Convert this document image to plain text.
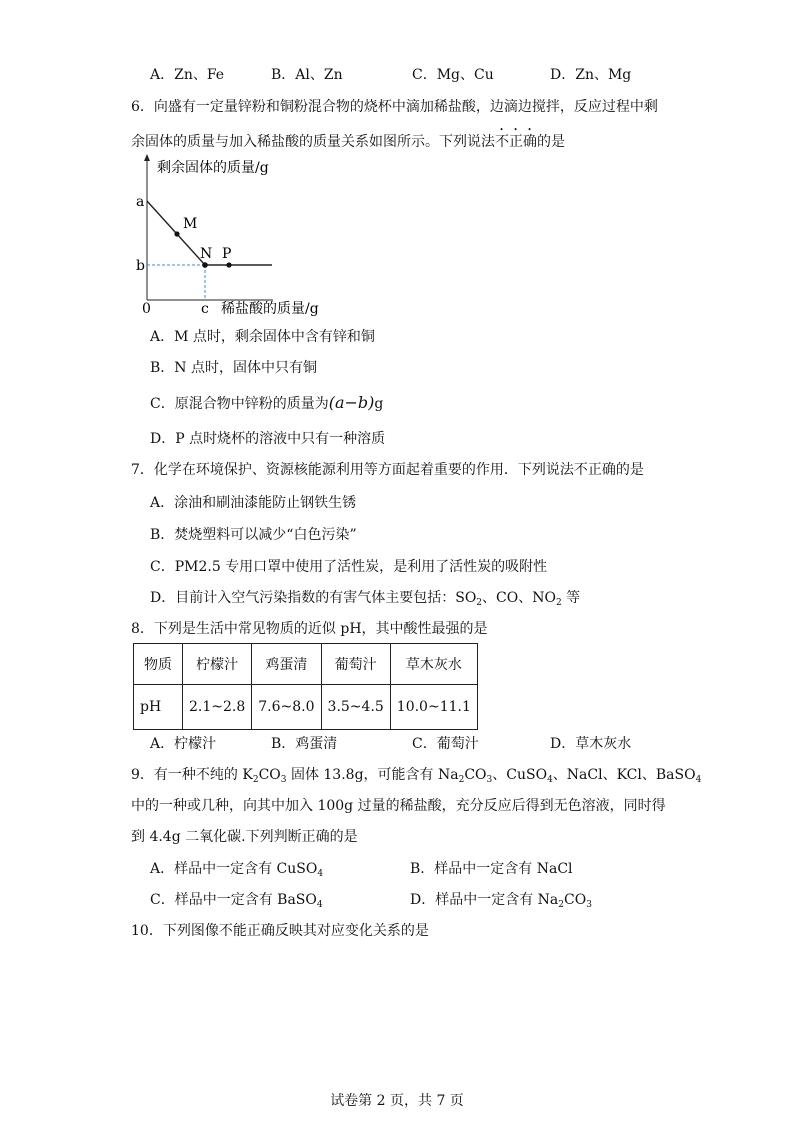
A．Zn、Fe	B．Al、Zn	C．Mg、Cu	D．Zn、Mg
6．向盛有一定量锌粉和铜粉混合物的烧杯中滴加稀盐酸，边滴边搅拌，反应过程中剩
余固体的质量与加入稀盐酸的质量关系如图所示。下列说法不正确的是
剩余固体的质量/g
a
b
0	c 稀盐酸的质量/g
M
N P
A．M 点时，剩余固体中含有锌和铜
B．N 点时，固体中只有铜
C．原混合物中锌粉的质量为(a−b)g
D．P 点时烧杯的溶液中只有一种溶质
7．化学在环境保护、资源核能源利用等方面起着重要的作用．下列说法不正确的是
A．涂油和刷油漆能防止钢铁生锈
B．焚烧塑料可以减少“白色污染”
C．PM2.5 专用口罩中使用了活性炭，是利用了活性炭的吸附性
D．目前计入空气污染指数的有害气体主要包括：$SO_2$、CO、$NO_2$ 等
8．下列是生活中常见物质的近似 pH，其中酸性最强的是
物质	柠檬汁	鸡蛋清	葡萄汁	草木灰水
pH	2.1~2.8	7.6~8.0	3.5~4.5	10.0~11.1
A．柠檬汁	B．鸡蛋清	C．葡萄汁	D．草木灰水
9．有一种不纯的 $K_2CO_3$ 固体 13.8g，可能含有 $Na_2CO_3$、CuSO$_4$、NaCl、KCl、BaSO$_4$
中的一种或几种，向其中加入 100g 过量的稀盐酸，充分反应后得到无色溶液，同时得
到 4.4g 二氧化碳.下列判断正确的是
A．样品中一定含有 CuSO$_4$	B．样品中一定含有 NaCl
C．样品中一定含有 BaSO$_4$	D．样品中一定含有 $Na_2CO_3$
10．下列图像不能正确反映其对应变化关系的是
试卷第 2 页，共 7 页
